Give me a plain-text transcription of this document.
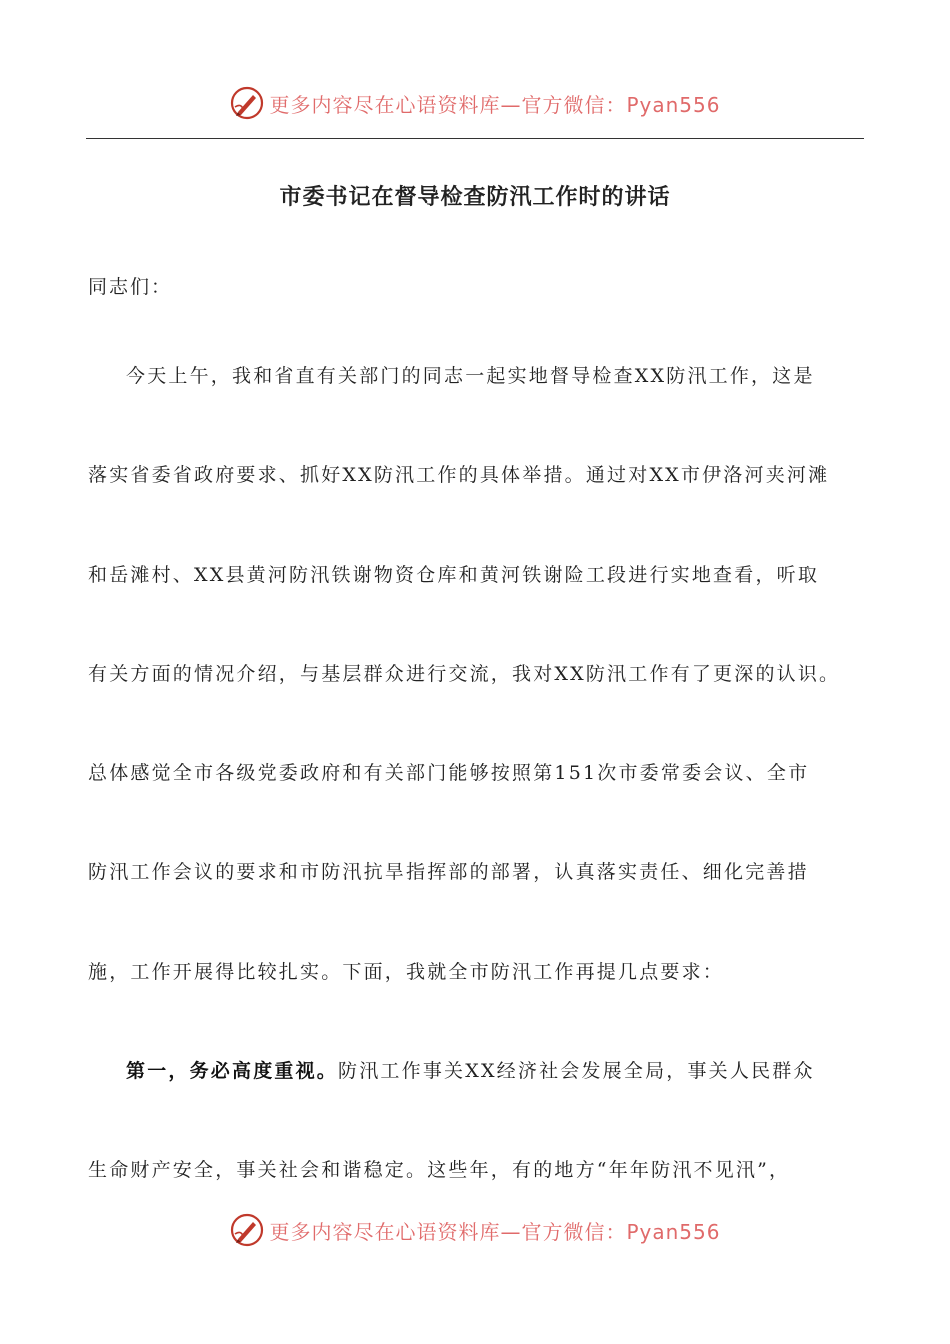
更多内容尽在心语资料库—官方微信：Pyan556
市委书记在督导检查防汛工作时的讲话
同志们：
今天上午，我和省直有关部门的同志一起实地督导检查XX防汛工作，这是
落实省委省政府要求、抓好XX防汛工作的具体举措。通过对XX市伊洛河夹河滩
和岳滩村、XX县黄河防汛铁谢物资仓库和黄河铁谢险工段进行实地查看，听取
有关方面的情况介绍，与基层群众进行交流，我对XX防汛工作有了更深的认识。
总体感觉全市各级党委政府和有关部门能够按照第151次市委常委会议、全市
防汛工作会议的要求和市防汛抗旱指挥部的部署，认真落实责任、细化完善措
施，工作开展得比较扎实。下面，我就全市防汛工作再提几点要求：
第一，务必高度重视。防汛工作事关XX经济社会发展全局，事关人民群众
生命财产安全，事关社会和谐稳定。这些年，有的地方“年年防汛不见汛”，
更多内容尽在心语资料库—官方微信：Pyan556
